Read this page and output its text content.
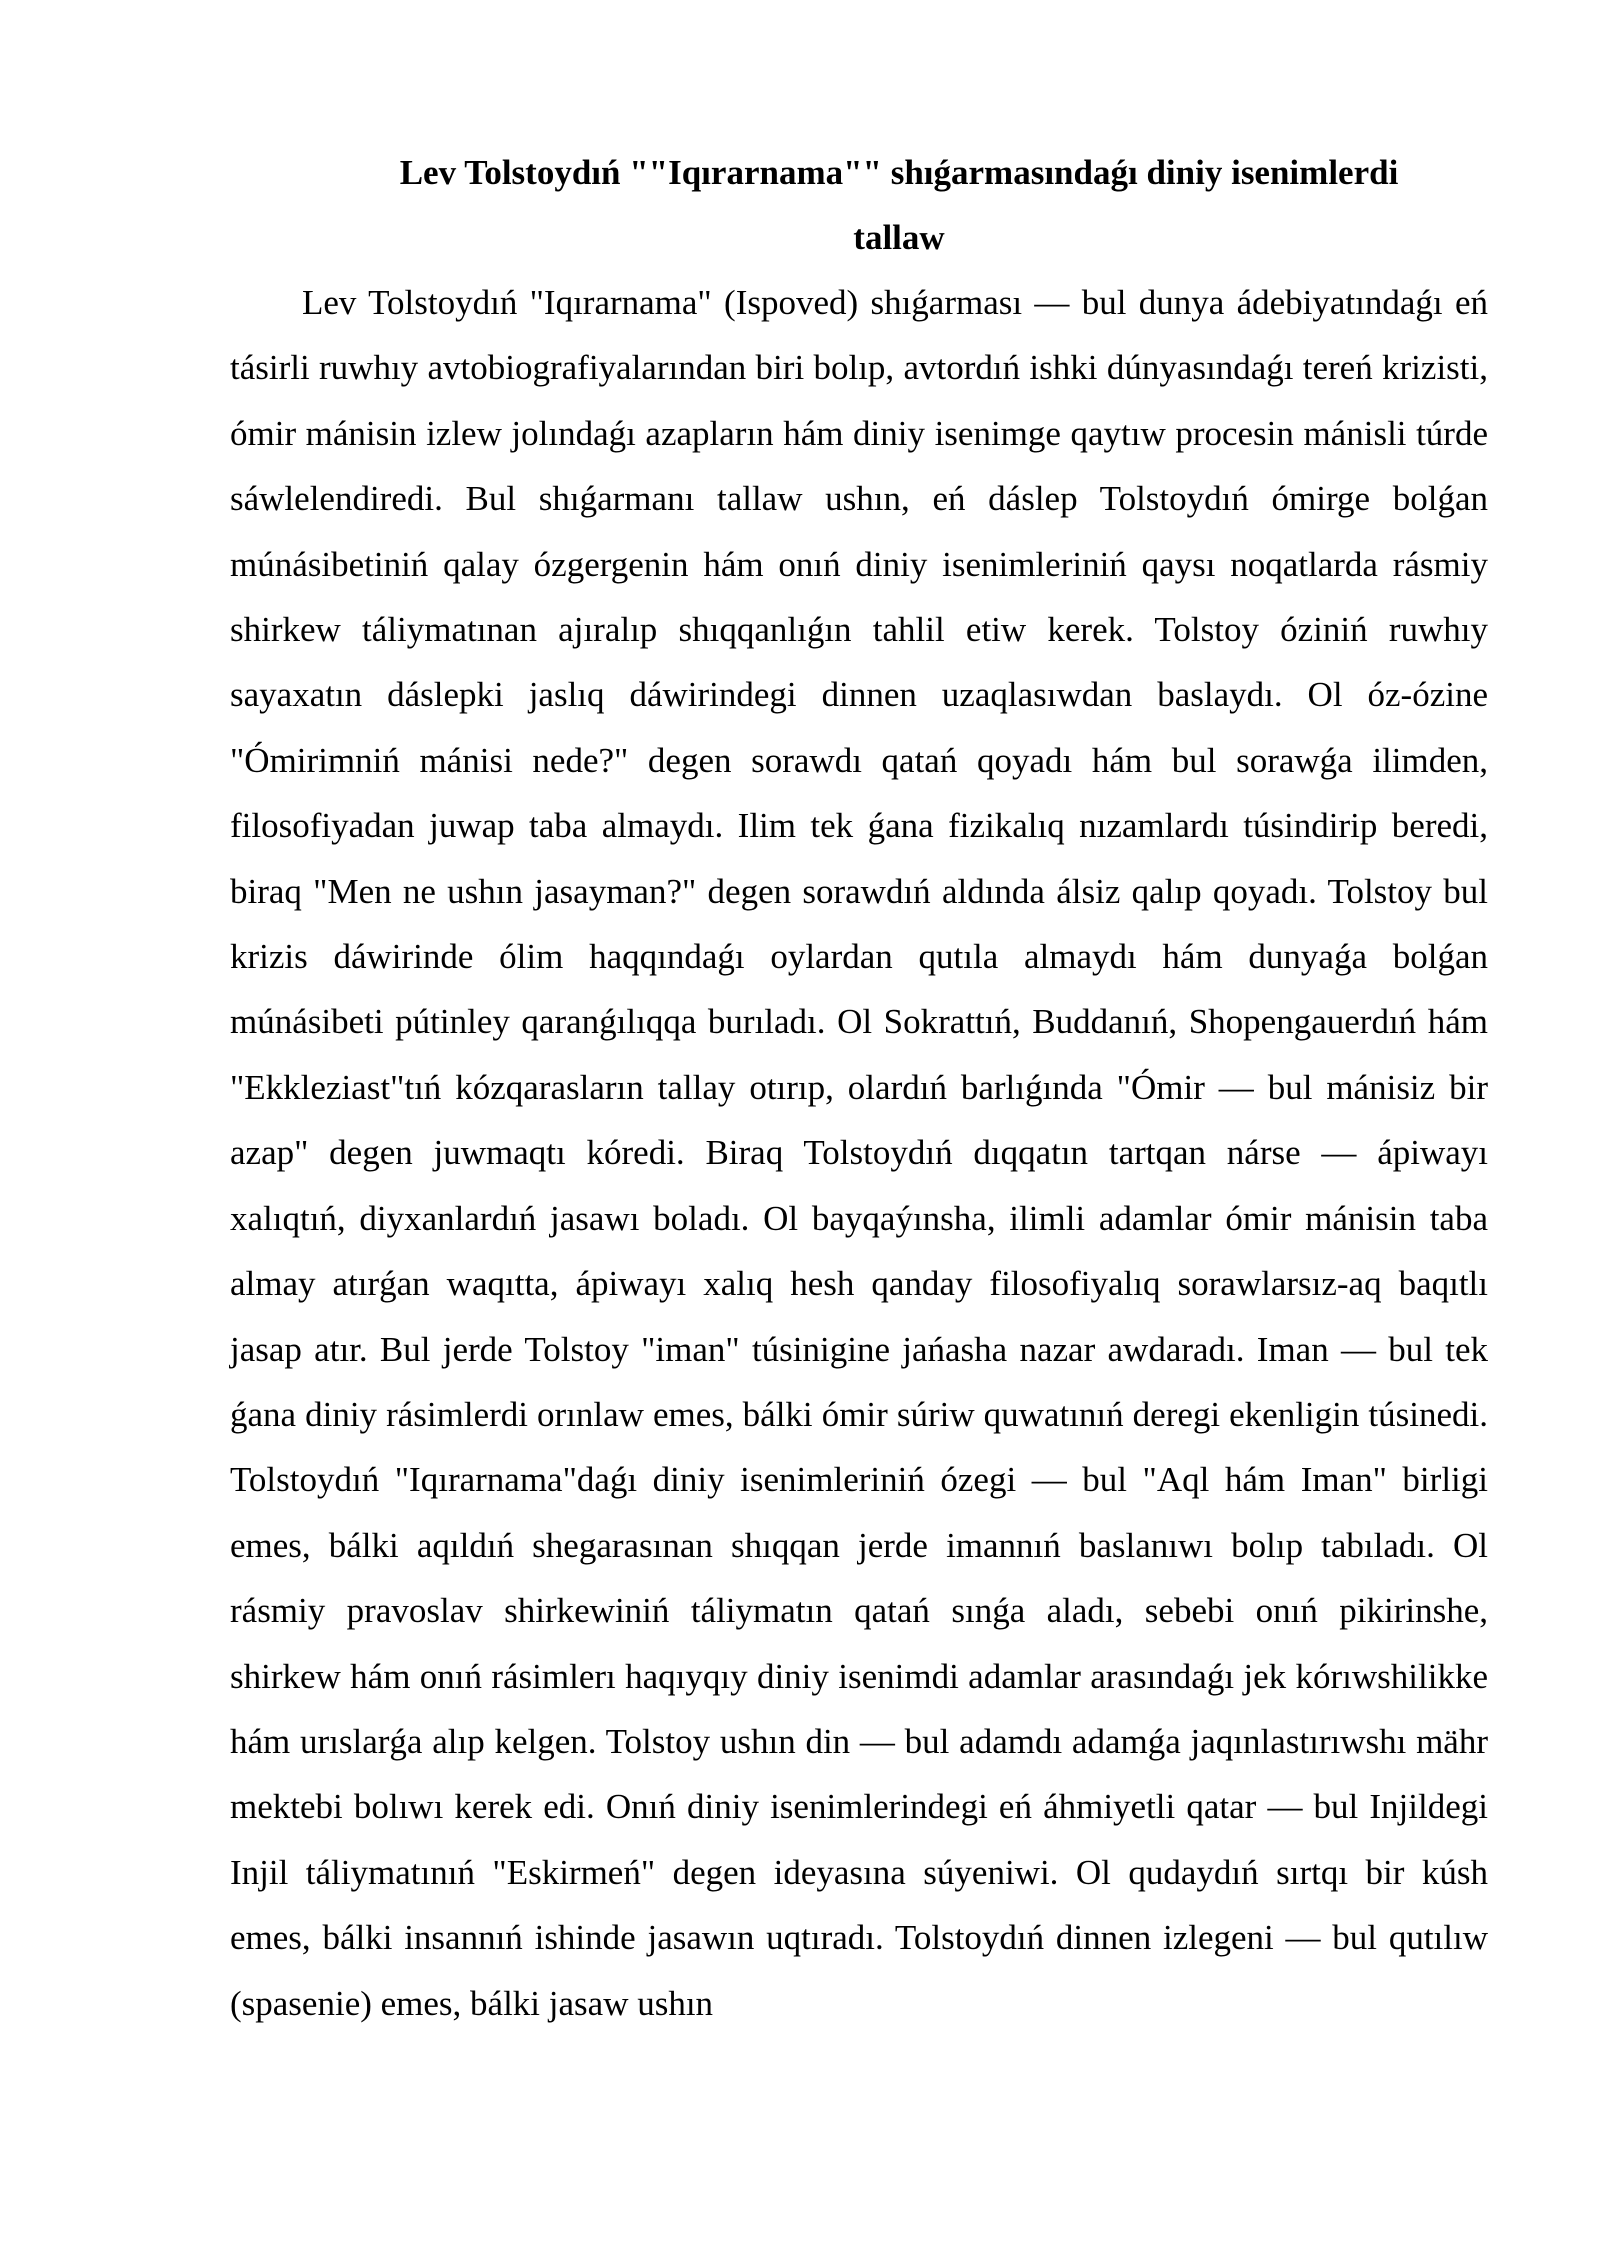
Lev Tolstoydıń ""Iqırarnama"" shıǵarmasındaǵı diniy isenimlerdi
tallaw

Lev Tolstoydıń "Iqırarnama" (Ispoved) shıǵarması — bul dunya ádebiyatındaǵı eń tásirli ruwhıy avtobiografiyalarından biri bolıp, avtordıń ishki dúnyasındaǵı tereń krizisti, ómir mánisin izlew jolındaǵı azapların hám diniy isenimge qaytıw procesin mánisli túrde sáwlelendiredi. Bul shıǵarmanı tallaw ushın, eń dáslep Tolstoydıń ómirge bolǵan múnásibetiniń qalay ózgergenin hám onıń diniy isenimleriniń qaysı noqatlarda rásmiy shirkew táliymatınan ajıralıp shıqqanlıǵın tahlil etiw kerek. Tolstoy óziniń ruwhıy sayaxatın dáslepki jaslıq dáwirindegi dinnen uzaqlasıwdan baslaydı. Ol óz-ózine "Ómirimniń mánisi nede?" degen sorawdı qatań qoyadı hám bul sorawǵa ilimden, filosofiyadan juwap taba almaydı. Ilim tek ǵana fizikalıq nızamlardı túsindirip beredi, biraq "Men ne ushın jasayman?" degen sorawdıń aldında álsiz qalıp qoyadı. Tolstoy bul krizis dáwirinde ólim haqqındaǵı oylardan qutıla almaydı hám dunyaǵa bolǵan múnásibeti pútinley qaranǵılıqqa burıladı. Ol Sokrattıń, Buddanıń, Shopengauerdıń hám "Ekkleziast"tıń kózqarasların tallay otırıp, olardıń barlıǵında "Ómir — bul mánisiz bir azap" degen juwmaqtı kóredi. Biraq Tolstoydıń dıqqatın tartqan nárse — ápiwayı xalıqtıń, diyxanlardıń jasawı boladı. Ol bayqaýınsha, ilimli adamlar ómir mánisin taba almay atırǵan waqıtta, ápiwayı xalıq hesh qanday filosofiyalıq sorawlarsız-aq baqıtlı jasap atır. Bul jerde Tolstoy "iman" túsinigine jańasha nazar awdaradı. Iman — bul tek ǵana diniy rásimlerdi orınlaw emes, bálki ómir súriw quwatınıń deregi ekenligin túsinedi. Tolstoydıń "Iqırarnama"daǵı diniy isenimleriniń ózegi — bul "Aql hám Iman" birligi emes, bálki aqıldıń shegarasınan shıqqan jerde imannıń baslanıwı bolıp tabıladı. Ol rásmiy pravoslav shirkewiniń táliymatın qatań sınǵa aladı, sebebi onıń pikirinshe, shirkew hám onıń rásimlerı haqıyqıy diniy isenimdi adamlar arasındaǵı jek kórıwshilikke hám urıslarǵa alıp kelgen. Tolstoy ushın din — bul adamdı adamǵa jaqınlastırıwshı mähr mektebi bolıwı kerek edi. Onıń diniy isenimlerindegi eń áhmiyetli qatar — bul Injildegi Injil táliymatınıń "Eskirmeń" degen ideyasına súyeniwi. Ol qudaydıń sırtqı bir kúsh emes, bálki insannıń ishinde jasawın uqtıradı. Tolstoydıń dinnen izlegeni — bul qutılıw (spasenie) emes, bálki jasaw ushın
